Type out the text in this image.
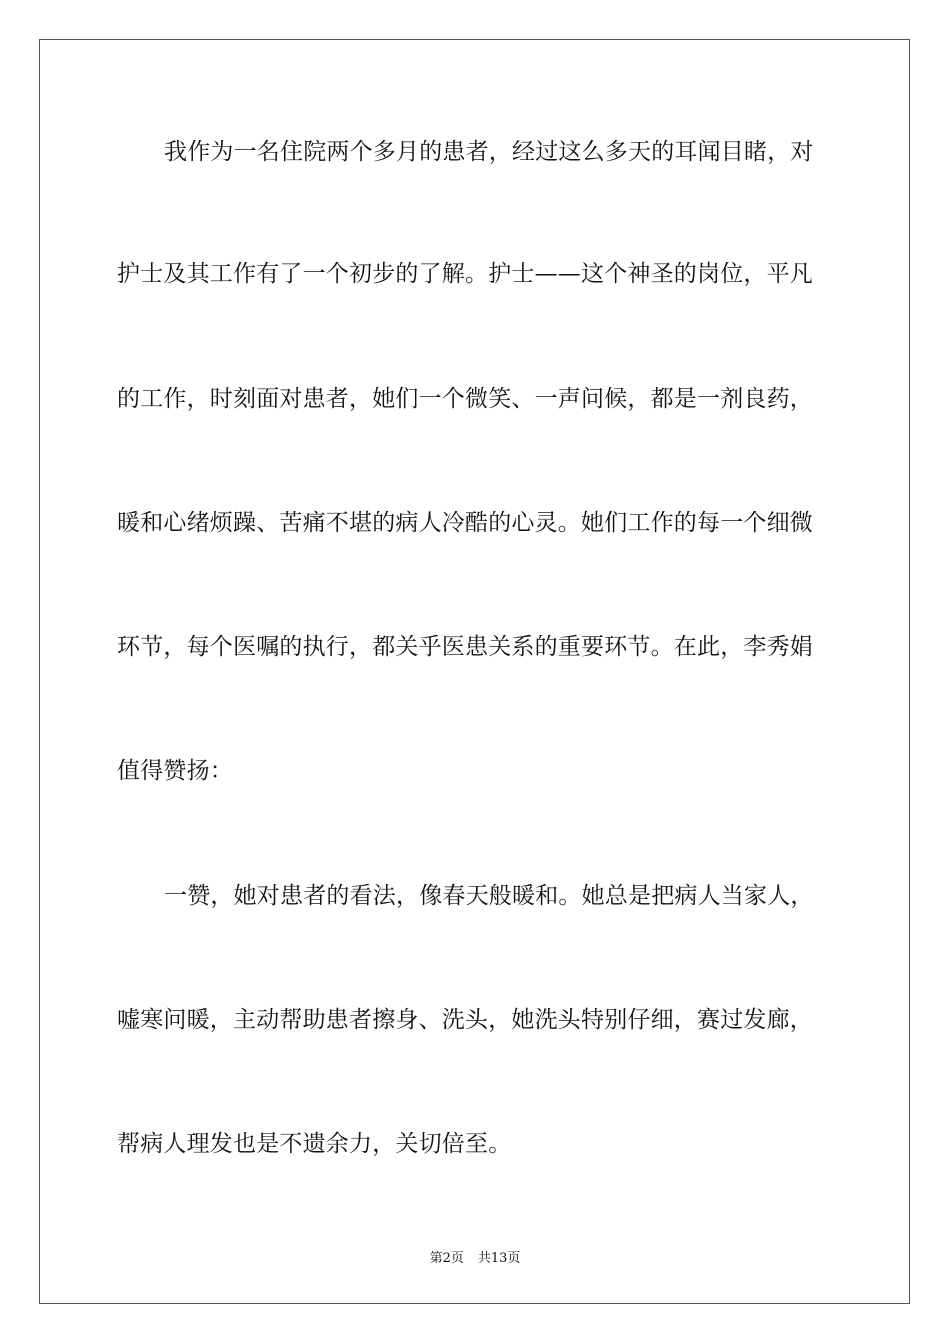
我作为一名住院两个多月的患者，经过这么多天的耳闻目睹，对
护士及其工作有了一个初步的了解。护士——这个神圣的岗位，平凡
的工作，时刻面对患者，她们一个微笑、一声问候，都是一剂良药，
暖和心绪烦躁、苦痛不堪的病人冷酷的心灵。她们工作的每一个细微
环节，每个医嘱的执行，都关乎医患关系的重要环节。在此，李秀娟
值得赞扬：
一赞，她对患者的看法，像春天般暖和。她总是把病人当家人，
嘘寒问暖，主动帮助患者擦身、洗头，她洗头特别仔细，赛过发廊，
帮病人理发也是不遗余力，关切倍至。
第2页 共13页
